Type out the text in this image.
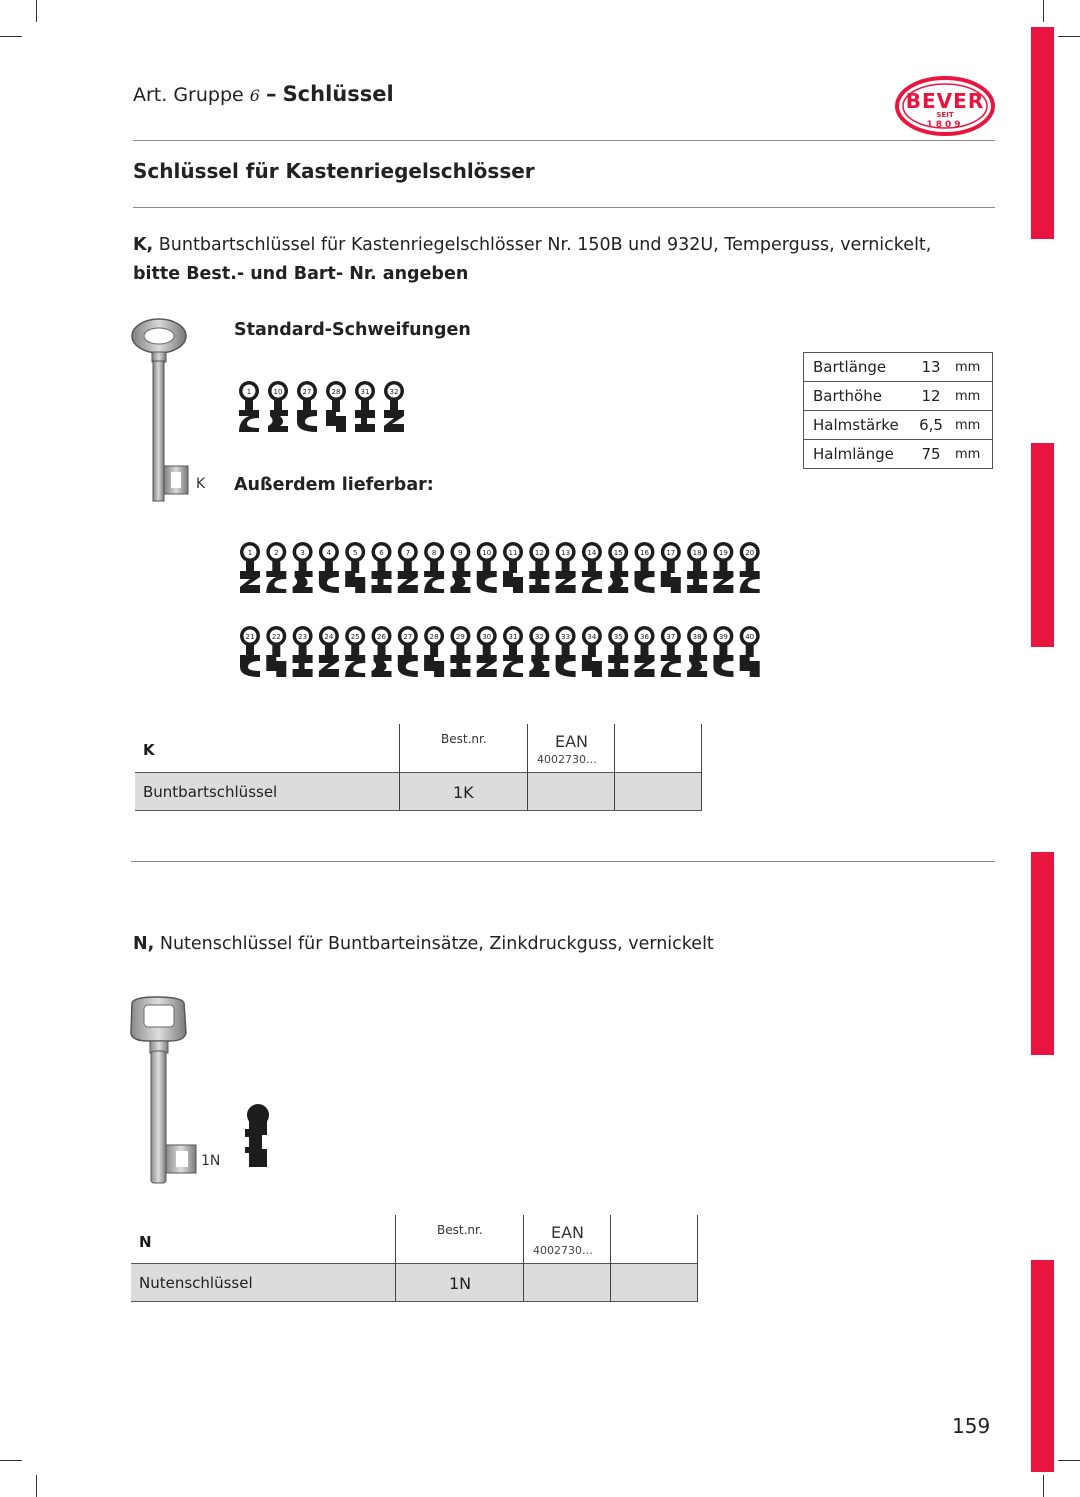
Art. Gruppe 6 – Schlüssel	BEVER
SEIT
1809
Schlüssel für Kastenriegelschlösser
K, Buntbartschlüssel für Kastenriegelschlösser Nr. 150B und 932U, Temperguss, vernickelt,
bitte Best.- und Bart- Nr. angeben
K
Standard-Schweifungen
1	10	27	28	31	32
Bartlänge	13	mm
Barthöhe	12	mm
Halmstärke	6,5	mm
Halmlänge	75	mm
Außerdem lieferbar:
1	2	3	4	5	6	7	8	9	10 11 12 13 14 15 16 17 18 19 20
21 22 23 24 25 26 27 28 29 30 31 32 33 34 35 36 37 38 39 40
K
Best.nr.	EAN
4002730…
Buntbartschlüssel	1K
N, Nutenschlüssel für Buntbarteinsätze, Zinkdruckguss, vernickelt
1N
N
Best.nr.	EAN
4002730…
Nutenschlüssel	1N
159
